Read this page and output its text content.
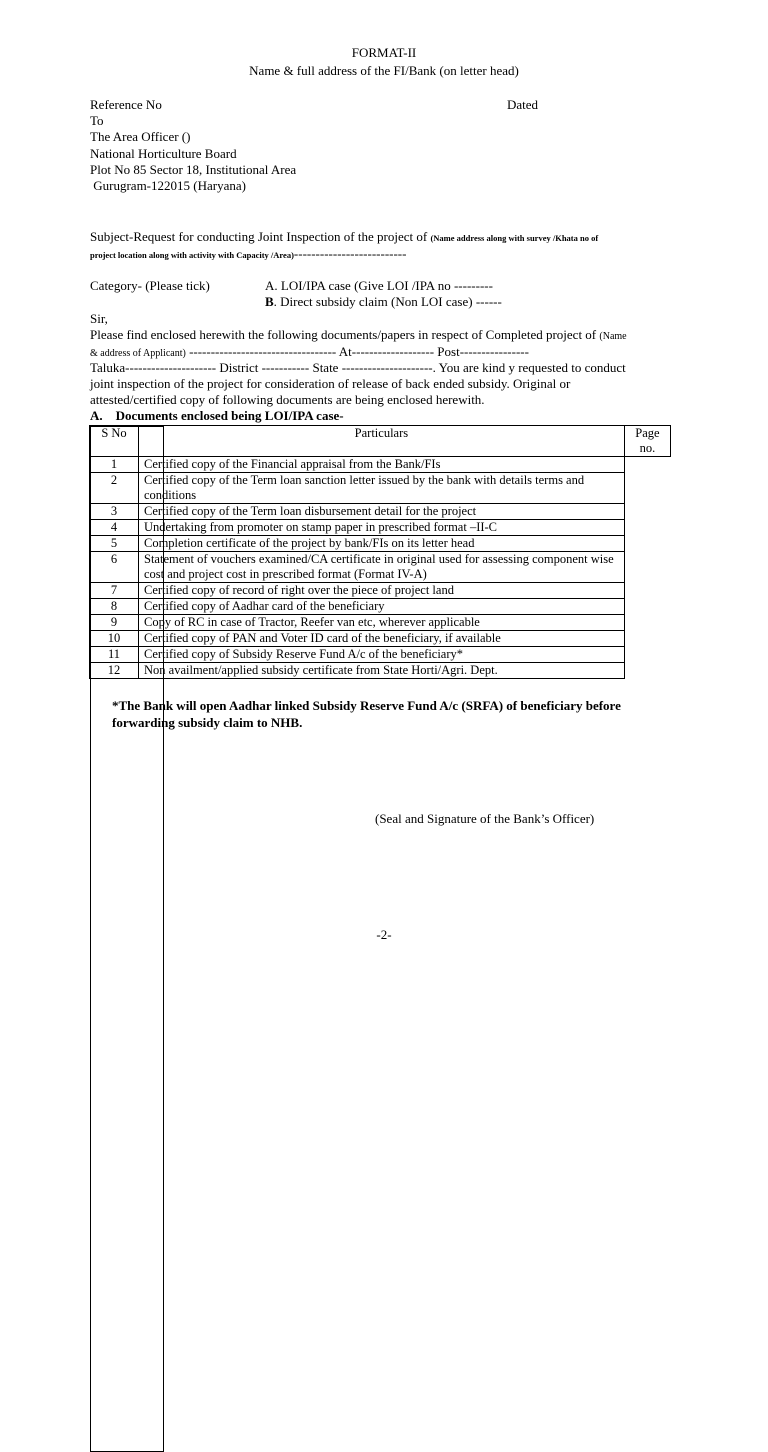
FORMAT-II
Name & full address of the FI/Bank (on letter head)
Reference No	Dated
To
The Area Officer ()
National Horticulture Board
Plot No 85 Sector 18, Institutional Area
Gurugram-122015 (Haryana)
Subject-Request for conducting Joint Inspection of the project of (Name address along with survey /Khata no of
project location along with activity with Capacity /Area)--------------------------
Category- (Please tick)	A. LOI/IPA case (Give LOI /IPA no ---------
B. Direct subsidy claim (Non LOI case) ------
Sir,
Please find enclosed herewith the following documents/papers in respect of Completed project of (Name
& address of Applicant) ---------------------------------- At------------------- Post----------------
Taluka--------------------- District ----------- State ---------------------. You are kind y requested to conduct
joint inspection of the project for consideration of release of back ended subsidy. Original or
attested/certified copy of following documents are being enclosed herewith.
A.    Documents enclosed being LOI/IPA case-
S No	Particulars	Page no.
1	Certified copy of the Financial appraisal from the Bank/FIs	

2	Certified copy of the Term loan sanction letter issued by the bank with details terms and conditions	

3	Certified copy of the Term loan disbursement detail for the project	

4	Undertaking from promoter on stamp paper in prescribed format –II-C	

5	Completion certificate of the project by bank/FIs on its letter head	

6	Statement of vouchers examined/CA certificate in original used for assessing component wise cost and project cost in prescribed format (Format IV-A)	

7	Certified copy of record of right over the piece of project land	

8	Certified copy of Aadhar card of the beneficiary	

9	Copy of RC in case of Tractor, Reefer van etc, wherever applicable	

10	Certified copy of PAN and Voter ID card of the beneficiary, if available	

11	Certified copy of Subsidy Reserve Fund A/c of the beneficiary*	

12	Non availment/applied subsidy certificate from State Horti/Agri. Dept.	
*The Bank will open Aadhar linked Subsidy Reserve Fund A/c (SRFA) of beneficiary before forwarding subsidy claim to NHB.
(Seal and Signature of the Bank’s Officer)
-2-
